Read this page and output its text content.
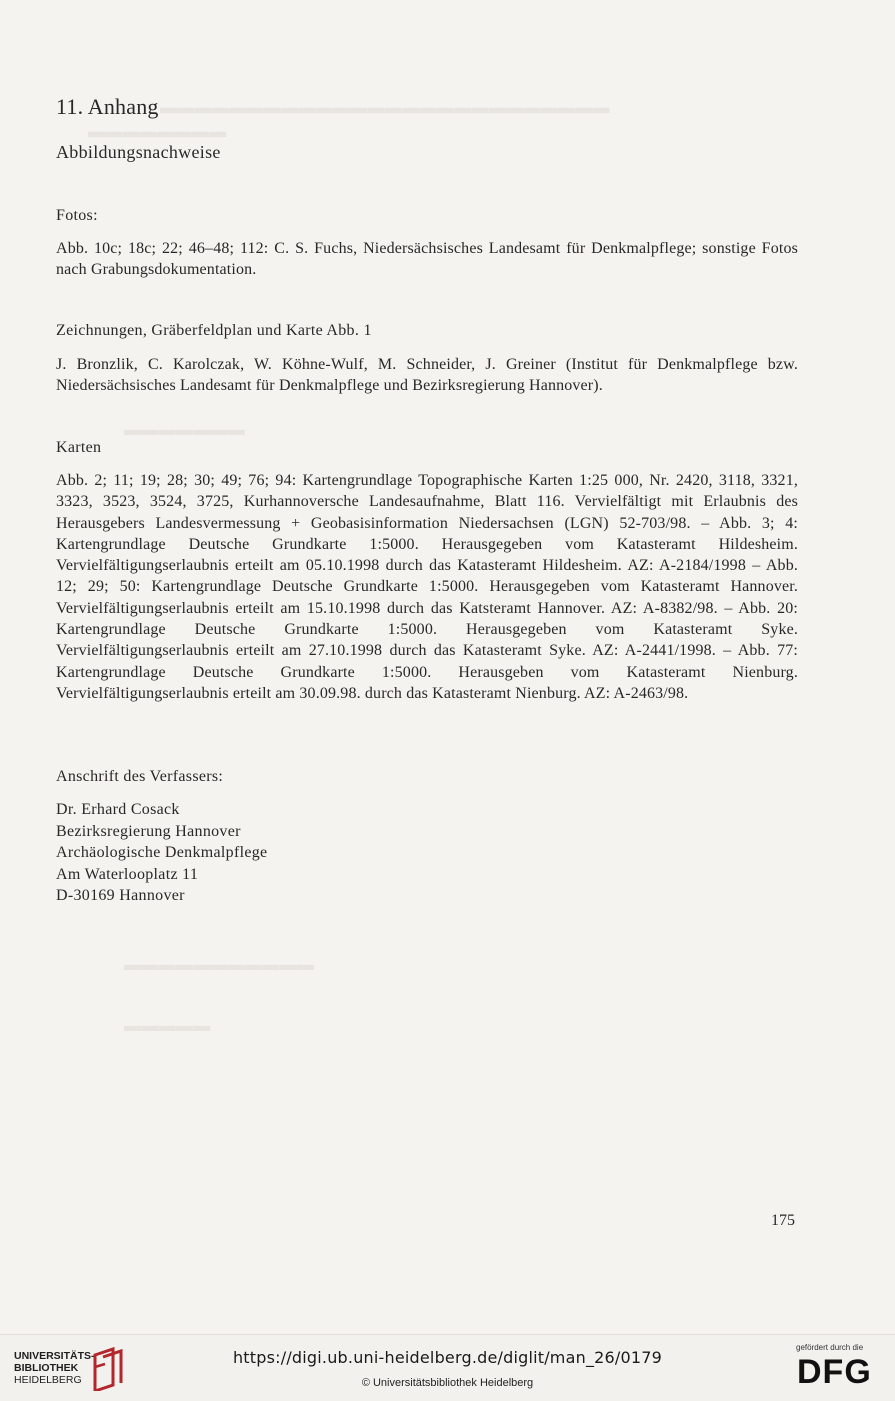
▬▬▬▬▬▬▬▬▬▬▬▬▬▬▬▬▬▬▬▬▬▬▬▬▬▬
▬▬▬▬▬▬▬▬
▬▬▬▬▬▬▬
▬▬▬▬▬▬▬▬▬▬▬
▬▬▬▬▬
11. Anhang
Abbildungsnachweise
Fotos:

Abb. 10c; 18c; 22; 46–48; 112: C. S. Fuchs, Niedersächsisches Landesamt für Denkmalpflege; sonstige Fotos nach Grabungsdokumentation.

Zeichnungen, Gräberfeldplan und Karte Abb. 1

J. Bronzlik, C. Karolczak, W. Köhne-Wulf, M. Schneider, J. Greiner (Institut für Denkmalpflege bzw. Niedersächsisches Landesamt für Denkmalpflege und Bezirksregierung Hannover).

Karten

Abb. 2; 11; 19; 28; 30; 49; 76; 94: Kartengrundlage Topographische Karten 1:25 000, Nr. 2420, 3118, 3321, 3323, 3523, 3524, 3725, Kurhannoversche Landesaufnahme, Blatt 116. Vervielfältigt mit Erlaubnis des Herausgebers Landesvermessung + Geobasisinformation Niedersachsen (LGN) 52-703/98. – Abb. 3; 4: Kartengrundlage Deutsche Grundkarte 1:5000. Herausgegeben vom Katasteramt Hildesheim. Vervielfältigungserlaubnis erteilt am 05.10.1998 durch das Katasteramt Hildesheim. AZ: A-2184/1998 – Abb. 12; 29; 50: Kartengrundlage Deutsche Grundkarte 1:5000. Herausgegeben vom Katasteramt Hannover. Vervielfältigungserlaubnis erteilt am 15.10.1998 durch das Katsteramt Hannover. AZ: A-8382/98. – Abb. 20: Kartengrundlage Deutsche Grundkarte 1:5000. Herausgegeben vom Katasteramt Syke. Vervielfältigungserlaubnis erteilt am 27.10.1998 durch das Katasteramt Syke. AZ: A-2441/1998. – Abb. 77: Kartengrundlage Deutsche Grundkarte 1:5000. Herausgeben vom Katasteramt Nienburg. Vervielfältigungserlaubnis erteilt am 30.09.98. durch das Katasteramt Nienburg. AZ: A-2463/98.

Anschrift des Verfassers:
Dr. Erhard Cosack
Bezirksregierung Hannover
Archäologische Denkmalpflege
Am Waterlooplatz 11
D-30169 Hannover
175
UNIVERSITÄTS-
BIBLIOTHEK
HEIDELBERG
https://digi.ub.uni-heidelberg.de/diglit/man_26/0179
© Universitätsbibliothek Heidelberg
gefördert durch die
DFG
